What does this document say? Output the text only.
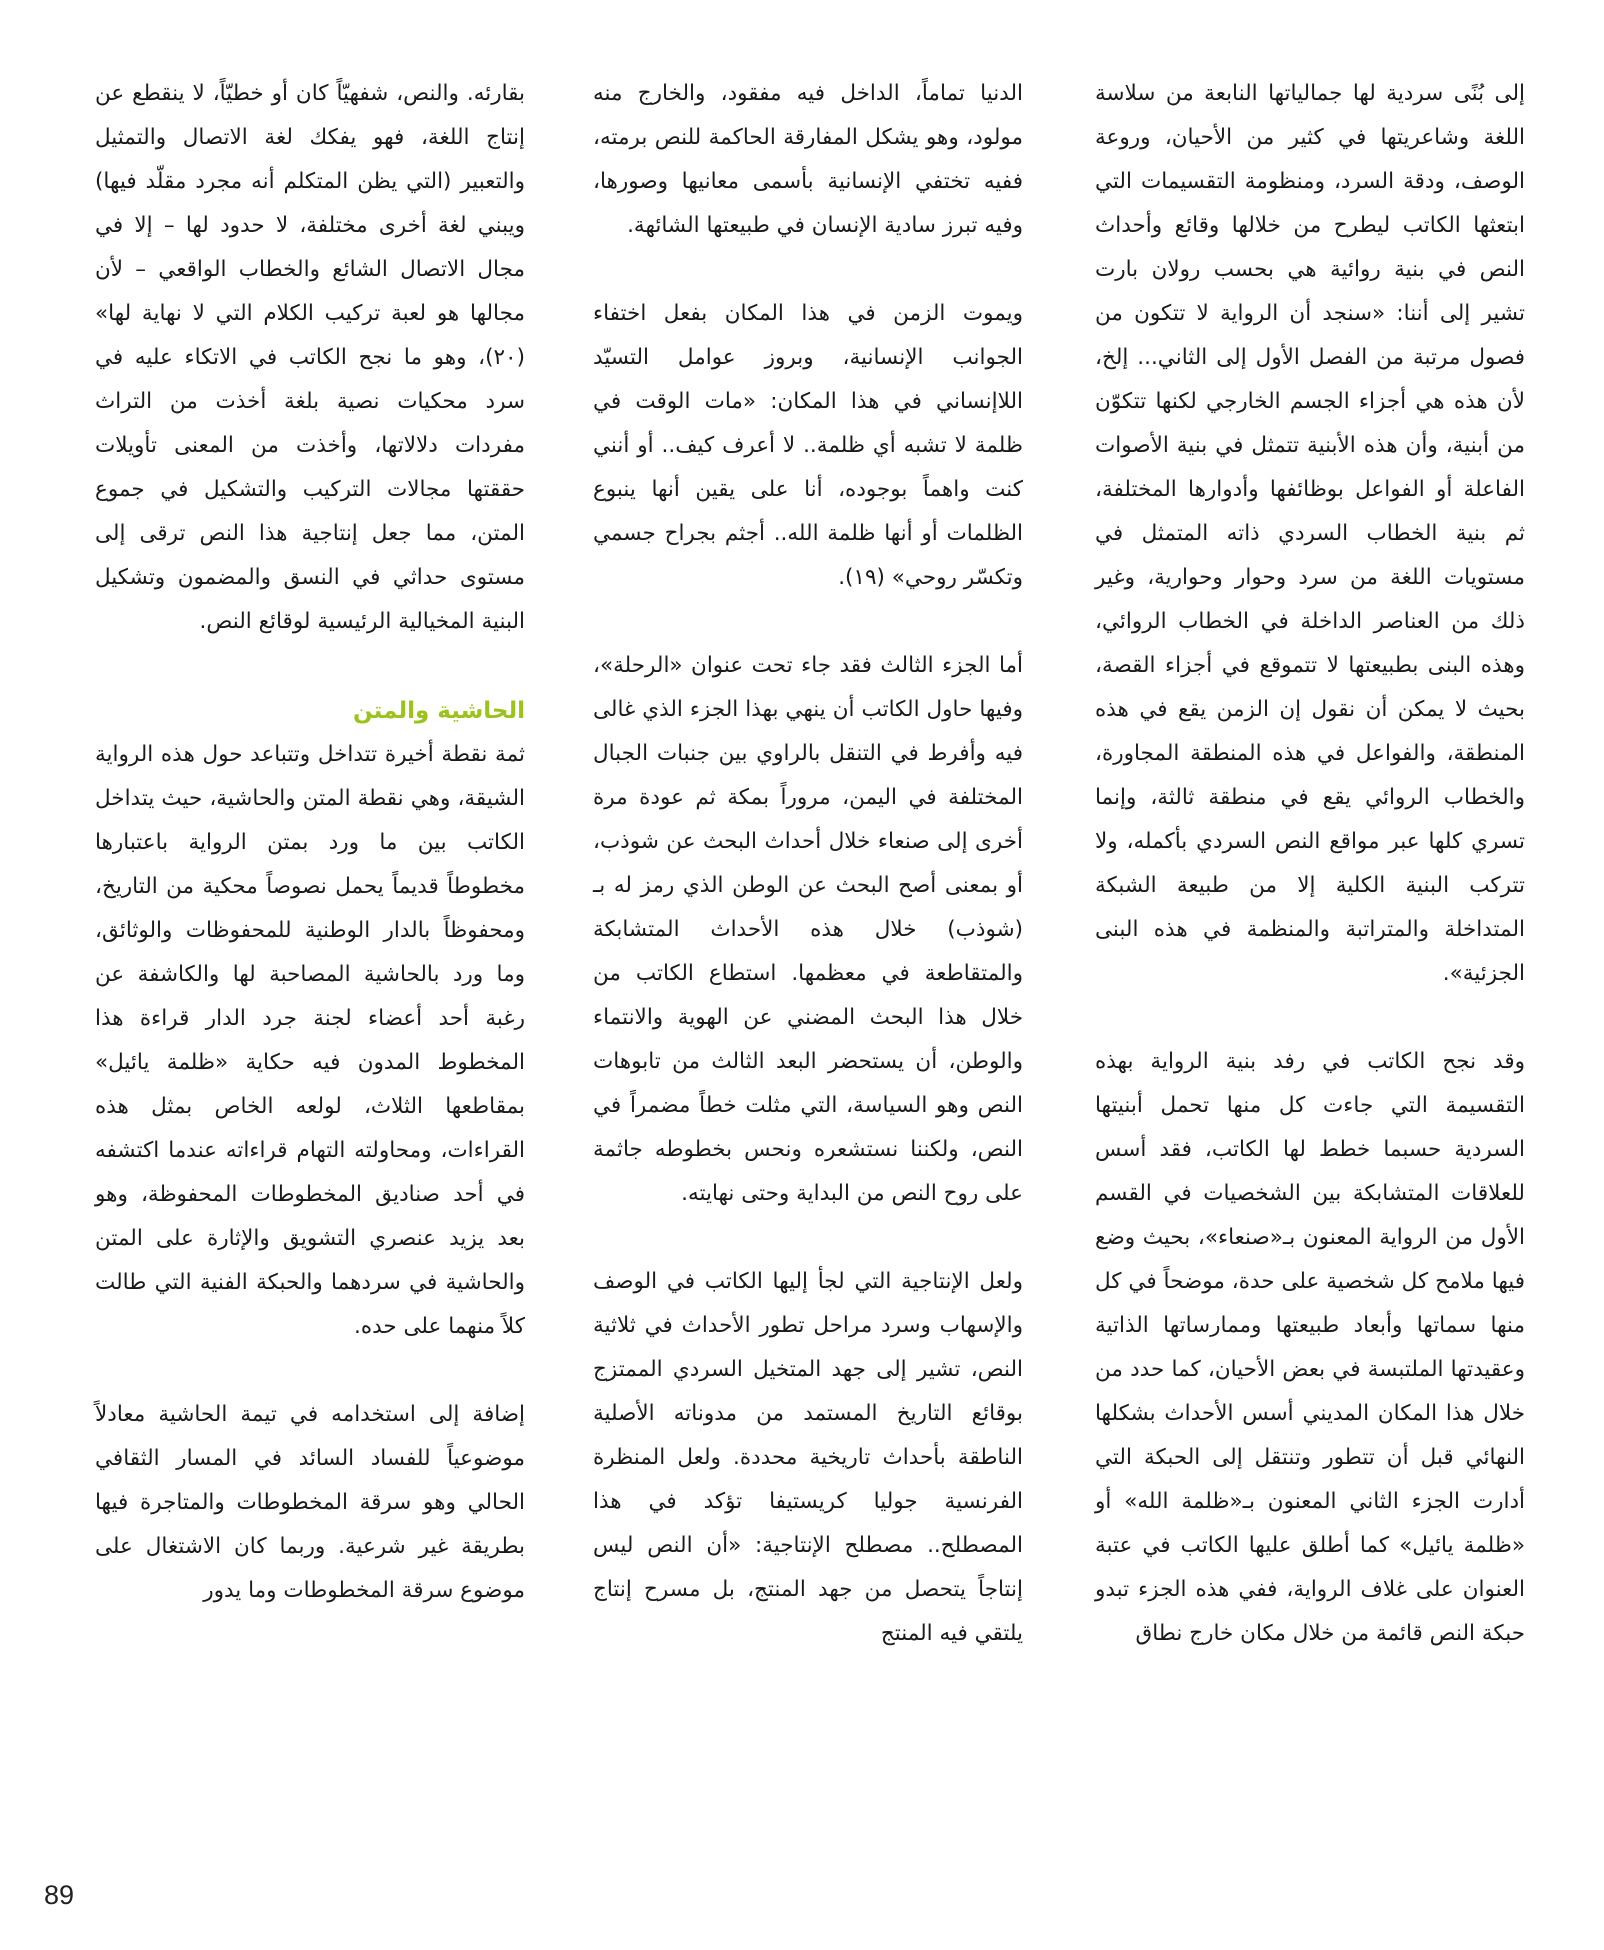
إلى بُنًى سردية لها جمالياتها النابعة من سلاسة اللغة وشاعريتها في كثير من الأحيان، وروعة الوصف، ودقة السرد، ومنظومة التقسيمات التي ابتعثها الكاتب ليطرح من خلالها وقائع وأحداث النص في بنية روائية هي بحسب رولان بارت تشير إلى أننا: «سنجد أن الرواية لا تتكون من فصول مرتبة من الفصل الأول إلى الثاني... إلخ، لأن هذه هي أجزاء الجسم الخارجي لكنها تتكوّن من أبنية، وأن هذه الأبنية تتمثل في بنية الأصوات الفاعلة أو الفواعل بوظائفها وأدوارها المختلفة، ثم بنية الخطاب السردي ذاته المتمثل في مستويات اللغة من سرد وحوار وحوارية، وغير ذلك من العناصر الداخلة في الخطاب الروائي، وهذه البنى بطبيعتها لا تتموقع في أجزاء القصة، بحيث لا يمكن أن نقول إن الزمن يقع في هذه المنطقة، والفواعل في هذه المنطقة المجاورة، والخطاب الروائي يقع في منطقة ثالثة، وإنما تسري كلها عبر مواقع النص السردي بأكمله، ولا تتركب البنية الكلية إلا من طبيعة الشبكة المتداخلة والمتراتبة والمنظمة في هذه البنى الجزئية».

وقد نجح الكاتب في رفد بنية الرواية بهذه التقسيمة التي جاءت كل منها تحمل أبنيتها السردية حسبما خطط لها الكاتب، فقد أسس للعلاقات المتشابكة بين الشخصيات في القسم الأول من الرواية المعنون بـ«صنعاء»، بحيث وضع فيها ملامح كل شخصية على حدة، موضحاً في كل منها سماتها وأبعاد طبيعتها وممارساتها الذاتية وعقيدتها الملتبسة في بعض الأحيان، كما حدد من خلال هذا المكان المديني أسس الأحداث بشكلها النهائي قبل أن تتطور وتنتقل إلى الحبكة التي أدارت الجزء الثاني المعنون بـ«ظلمة الله» أو «ظلمة يائيل» كما أطلق عليها الكاتب في عتبة العنوان على غلاف الرواية، ففي هذه الجزء تبدو حبكة النص قائمة من خلال مكان خارج نطاق

الدنيا تماماً، الداخل فيه مفقود، والخارج منه مولود، وهو يشكل المفارقة الحاكمة للنص برمته، ففيه تختفي الإنسانية بأسمى معانيها وصورها، وفيه تبرز سادية الإنسان في طبيعتها الشائهة.

ويموت الزمن في هذا المكان بفعل اختفاء الجوانب الإنسانية، وبروز عوامل التسيّد اللاإنساني في هذا المكان: «مات الوقت في ظلمة لا تشبه أي ظلمة.. لا أعرف كيف.. أو أنني كنت واهماً بوجوده، أنا على يقين أنها ينبوع الظلمات أو أنها ظلمة الله.. أجثم بجراح جسمي وتكسّر روحي» (١٩).

أما الجزء الثالث فقد جاء تحت عنوان «الرحلة»، وفيها حاول الكاتب أن ينهي بهذا الجزء الذي غالى فيه وأفرط في التنقل بالراوي بين جنبات الجبال المختلفة في اليمن، مروراً بمكة ثم عودة مرة أخرى إلى صنعاء خلال أحداث البحث عن شوذب، أو بمعنى أصح البحث عن الوطن الذي رمز له بـ (شوذب) خلال هذه الأحداث المتشابكة والمتقاطعة في معظمها. استطاع الكاتب من خلال هذا البحث المضني عن الهوية والانتماء والوطن، أن يستحضر البعد الثالث من تابوهات النص وهو السياسة، التي مثلت خطاً مضمراً في النص، ولكننا نستشعره ونحس بخطوطه جاثمة على روح النص من البداية وحتى نهايته.

ولعل الإنتاجية التي لجأ إليها الكاتب في الوصف والإسهاب وسرد مراحل تطور الأحداث في ثلاثية النص، تشير إلى جهد المتخيل السردي الممتزج بوقائع التاريخ المستمد من مدوناته الأصلية الناطقة بأحداث تاريخية محددة. ولعل المنظرة الفرنسية جوليا كريستيفا تؤكد في هذا المصطلح.. مصطلح الإنتاجية: «أن النص ليس إنتاجاً يتحصل من جهد المنتج، بل مسرح إنتاج يلتقي فيه المنتج

بقارئه. والنص، شفهيّاً كان أو خطيّاً، لا ينقطع عن إنتاج اللغة، فهو يفكك لغة الاتصال والتمثيل والتعبير (التي يظن المتكلم أنه مجرد مقلّد فيها) ويبني لغة أخرى مختلفة، لا حدود لها – إلا في مجال الاتصال الشائع والخطاب الواقعي – لأن مجالها هو لعبة تركيب الكلام التي لا نهاية لها» (٢٠)، وهو ما نجح الكاتب في الاتكاء عليه في سرد محكيات نصية بلغة أخذت من التراث مفردات دلالاتها، وأخذت من المعنى تأويلات حققتها مجالات التركيب والتشكيل في جموع المتن، مما جعل إنتاجية هذا النص ترقى إلى مستوى حداثي في النسق والمضمون وتشكيل البنية المخيالية الرئيسية لوقائع النص.

الحاشية والمتن

ثمة نقطة أخيرة تتداخل وتتباعد حول هذه الرواية الشيقة، وهي نقطة المتن والحاشية، حيث يتداخل الكاتب بين ما ورد بمتن الرواية باعتبارها مخطوطاً قديماً يحمل نصوصاً محكية من التاريخ، ومحفوظاً بالدار الوطنية للمحفوظات والوثائق، وما ورد بالحاشية المصاحبة لها والكاشفة عن رغبة أحد أعضاء لجنة جرد الدار قراءة هذا المخطوط المدون فيه حكاية «ظلمة يائيل» بمقاطعها الثلاث، لولعه الخاص بمثل هذه القراءات، ومحاولته التهام قراءاته عندما اكتشفه في أحد صناديق المخطوطات المحفوظة، وهو بعد يزيد عنصري التشويق والإثارة على المتن والحاشية في سردهما والحبكة الفنية التي طالت كلاً منهما على حده.

إضافة إلى استخدامه في تيمة الحاشية معادلاً موضوعياً للفساد السائد في المسار الثقافي الحالي وهو سرقة المخطوطات والمتاجرة فيها بطريقة غير شرعية. وربما كان الاشتغال على موضوع سرقة المخطوطات وما يدور

89
